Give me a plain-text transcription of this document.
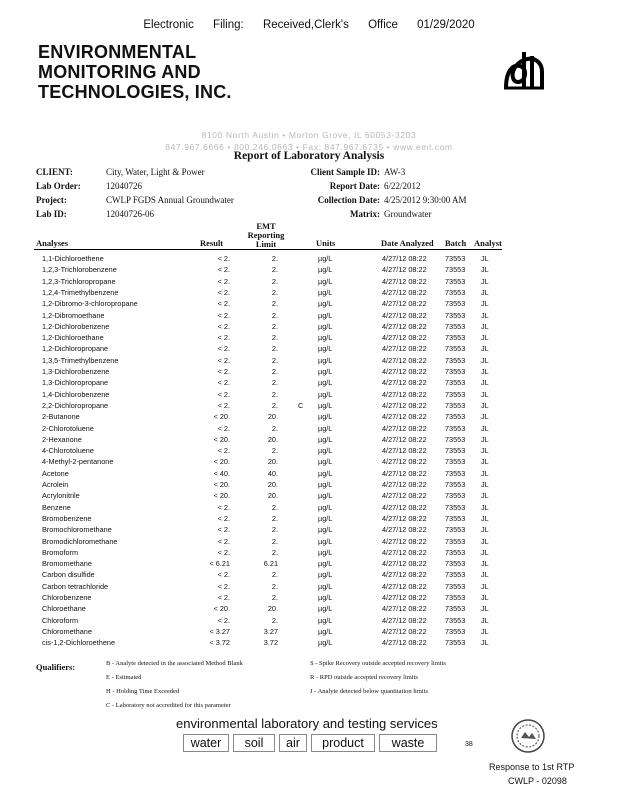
Electronic Filing: Received,Clerk's Office 01/29/2020
ENVIRONMENTAL
MONITORING AND
TECHNOLOGIES, INC.
8100 North Austin • Morton Grove, IL 60053-3203
847.967.6666 • 800.246.0663 • Fax: 847.967.6735 • www.emt.com
Report of Laboratory Analysis
CLIENT:	City, Water, Light & Power
Lab Order:	12040726
Project:	CWLP FGDS Annual Groundwater
Lab ID:	12040726-06
Client Sample ID: AW-3
Report Date: 6/22/2012
Collection Date: 4/25/2012 9:30:00 AM
Matrix: Groundwater
Analyses	Result
EMT
Reporting
Limit	Units	Date Analyzed Batch Analyst
1,1-Dichloroethene	< 2.	2.	µg/L	4/27/12 08:22	73553 JL
1,2,3-Trichlorobenzene	< 2.	2.	µg/L	4/27/12 08:22	73553 JL
1,2,3-Trichloropropane	< 2.	2.	µg/L	4/27/12 08:22	73553 JL
1,2,4-Trimethylbenzene	< 2.	2.	µg/L	4/27/12 08:22	73553 JL
1,2-Dibromo-3-chloropropane	< 2.	2.	µg/L	4/27/12 08:22	73553 JL
1,2-Dibromoethane	< 2.	2.	µg/L	4/27/12 08:22	73553 JL
1,2-Dichlorobenzene	< 2.	2.	µg/L	4/27/12 08:22	73553 JL
1,2-Dichloroethane	< 2.	2.	µg/L	4/27/12 08:22	73553 JL
1,2-Dichloropropane	< 2.	2.	µg/L	4/27/12 08:22	73553 JL
1,3,5-Trimethylbenzene	< 2.	2.	µg/L	4/27/12 08:22	73553 JL
1,3-Dichlorobenzene	< 2.	2.	µg/L	4/27/12 08:22	73553 JL
1,3-Dichloropropane	< 2.	2.	µg/L	4/27/12 08:22	73553 JL
1,4-Dichlorobenzene	< 2.	2.	µg/L	4/27/12 08:22	73553 JL
2,2-Dichloropropane	< 2.	2.	C µg/L	4/27/12 08:22	73553 JL
2-Butanone	< 20.	20.	µg/L	4/27/12 08:22	73553 JL
2-Chlorotoluene	< 2.	2.	µg/L	4/27/12 08:22	73553 JL
2-Hexanone	< 20.	20.	µg/L	4/27/12 08:22	73553 JL
4-Chlorotoluene	< 2.	2.	µg/L	4/27/12 08:22	73553 JL
4-Methyl-2-pentanone	< 20.	20.	µg/L	4/27/12 08:22	73553 JL
Acetone	< 40.	40.	µg/L	4/27/12 08:22	73553 JL
Acrolein	< 20.	20.	µg/L	4/27/12 08:22	73553 JL
Acrylonitrile	< 20.	20.	µg/L	4/27/12 08:22	73553 JL
Benzene	< 2.	2.	µg/L	4/27/12 08:22	73553 JL
Bromobenzene	< 2.	2.	µg/L	4/27/12 08:22	73553 JL
Bromochloromethane	< 2.	2.	µg/L	4/27/12 08:22	73553 JL
Bromodichloromethane	< 2.	2.	µg/L	4/27/12 08:22	73553 JL
Bromoform	< 2.	2.	µg/L	4/27/12 08:22	73553 JL
Bromomethane	< 6.21	6.21	µg/L	4/27/12 08:22	73553 JL
Carbon disulfide	< 2.	2.	µg/L	4/27/12 08:22	73553 JL
Carbon tetrachloride	< 2.	2.	µg/L	4/27/12 08:22	73553 JL
Chlorobenzene	< 2.	2.	µg/L	4/27/12 08:22	73553 JL
Chloroethane	< 20.	20.	µg/L	4/27/12 08:22	73553 JL
Chloroform	< 2.	2.	µg/L	4/27/12 08:22	73553 JL
Chloromethane	< 3.27	3.27	µg/L	4/27/12 08:22	73553 JL
cis-1,2-Dichloroethene	< 3.72	3.72	µg/L	4/27/12 08:22	73553 JL
Qualifiers:	B - Analyte detected in the associated Method Blank
E - Estimated
H - Holding Time Exceeded
C - Laboratory not accredited for this parameter
S - Spike Recovery outside accepted recovery limits
R - RPD outside accepted recovery limits
J - Analyte detected below quantitation limits
environmental laboratory and testing services
water	soil	air	product	waste	38
Response to 1st RTP
CWLP - 02098
